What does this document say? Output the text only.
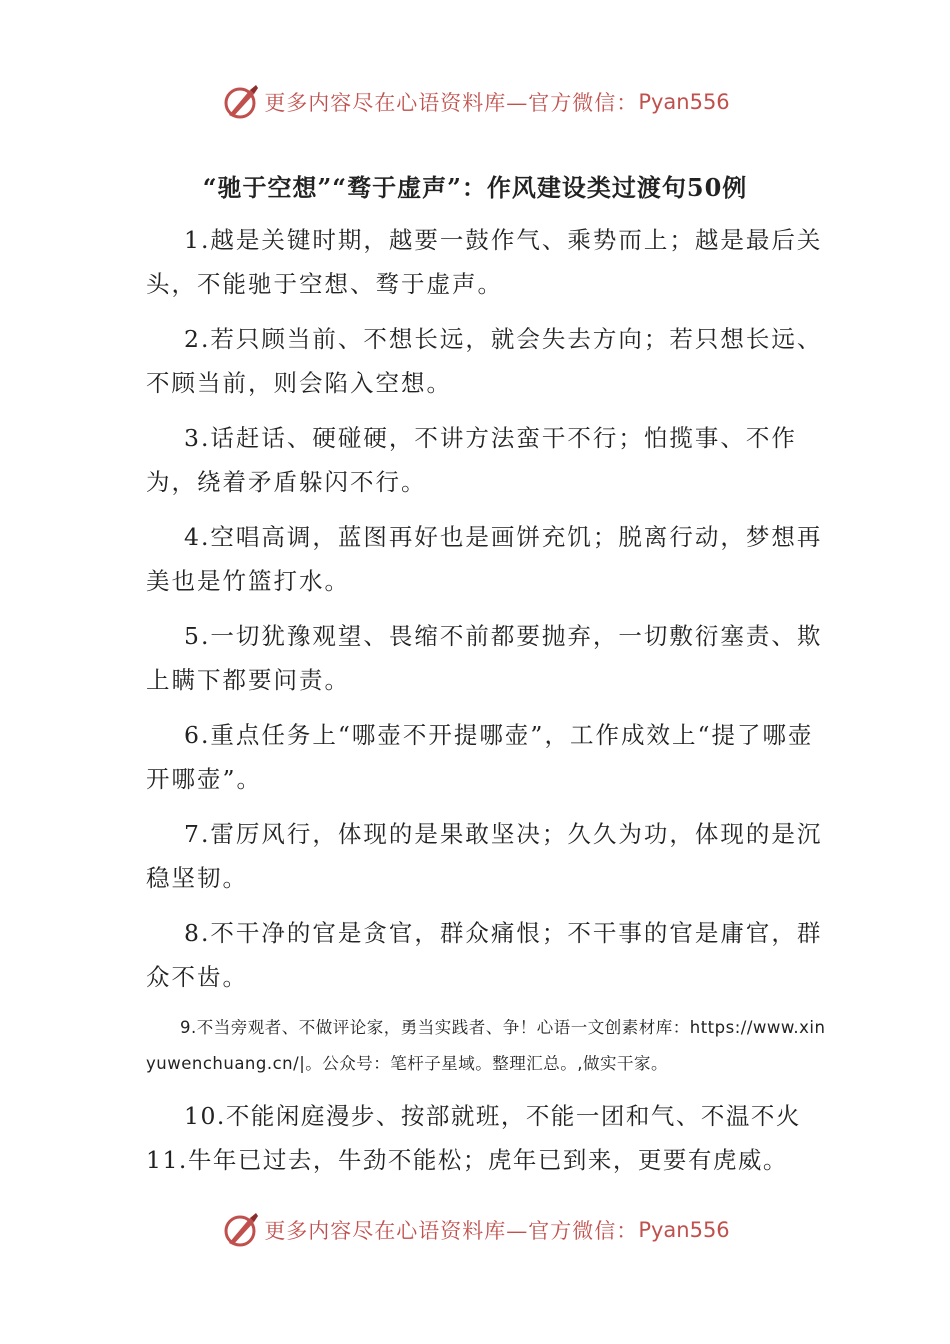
更多内容尽在心语资料库—官方微信： Pyan556
“驰于空想”“骛于虚声”：作风建设类过渡句50例

1.越是关键时期，越要一鼓作气、乘势而上；越是最后关头，不能驰于空想、骛于虚声。

2.若只顾当前、不想长远，就会失去方向；若只想长远、不顾当前，则会陷入空想。

3.话赶话、硬碰硬，不讲方法蛮干不行；怕揽事、不作为，绕着矛盾躲闪不行。

4.空唱高调，蓝图再好也是画饼充饥；脱离行动，梦想再美也是竹篮打水。

5.一切犹豫观望、畏缩不前都要抛弃，一切敷衍塞责、欺上瞒下都要问责。

6.重点任务上“哪壶不开提哪壶”，工作成效上“提了哪壶开哪壶”。

7.雷厉风行，体现的是果敢坚决；久久为功，体现的是沉稳坚韧。

8.不干净的官是贪官，群众痛恨；不干事的官是庸官，群众不齿。

9.不当旁观者、不做评论家，勇当实践者、争！心语一文创素材库：https://www.xinyuwenchuang.cn/|。公众号：笔杆子星域。整理汇总。,做实干家。

10.不能闲庭漫步、按部就班，不能一团和气、不温不火

11.牛年已过去，牛劲不能松；虎年已到来，更要有虎威。

更多内容尽在心语资料库—官方微信： Pyan556
